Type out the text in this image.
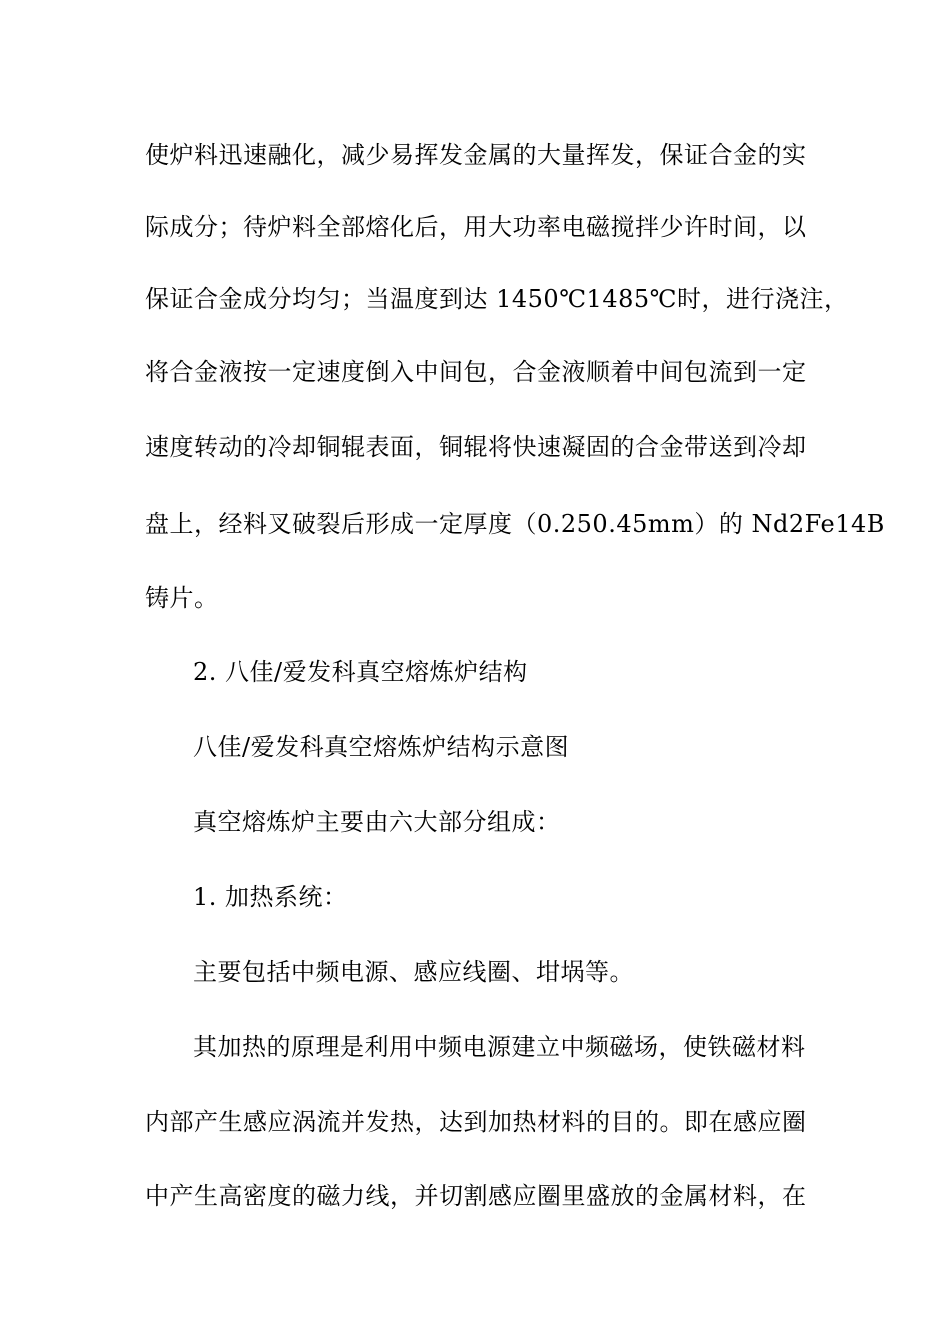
使炉料迅速融化，减少易挥发金属的大量挥发，保证合金的实
际成分；待炉料全部熔化后，用大功率电磁搅拌少许时间，以
保证合金成分均匀；当温度到达 1450℃1485℃时，进行浇注，
将合金液按一定速度倒入中间包，合金液顺着中间包流到一定
速度转动的冷却铜辊表面，铜辊将快速凝固的合金带送到冷却
盘上，经料叉破裂后形成一定厚度（0.250.45mm）的 Nd2Fe14B
铸片。
2. 八佳/爱发科真空熔炼炉结构
八佳/爱发科真空熔炼炉结构示意图
真空熔炼炉主要由六大部分组成：
1. 加热系统：
主要包括中频电源、感应线圈、坩埚等。
其加热的原理是利用中频电源建立中频磁场，使铁磁材料
内部产生感应涡流并发热，达到加热材料的目的。即在感应圈
中产生高密度的磁力线，并切割感应圈里盛放的金属材料，在
